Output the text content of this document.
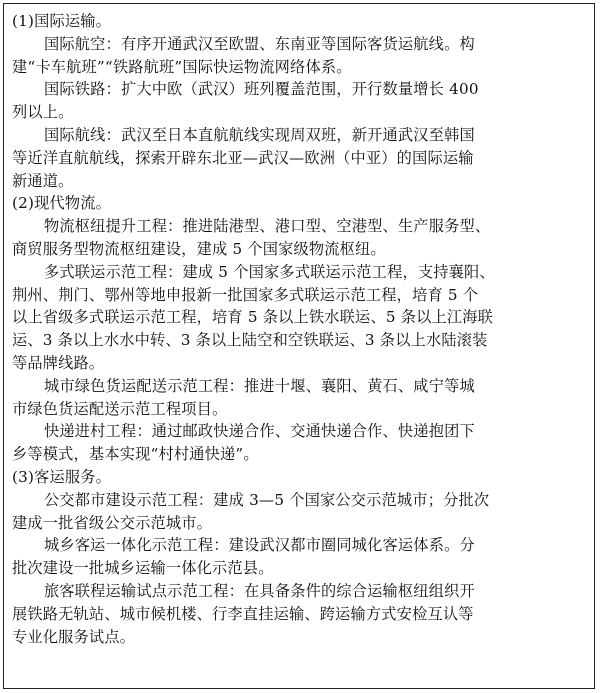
(1)国际运输。
国际航空：有序开通武汉至欧盟、东南亚等国际客货运航线。构
建“卡车航班”“铁路航班”国际快运物流网络体系。
国际铁路：扩大中欧（武汉）班列覆盖范围，开行数量增长 400
列以上。
国际航线：武汉至日本直航航线实现周双班，新开通武汉至韩国
等近洋直航航线，探索开辟东北亚—武汉—欧洲（中亚）的国际运输
新通道。
(2)现代物流。
物流枢纽提升工程：推进陆港型、港口型、空港型、生产服务型、
商贸服务型物流枢纽建设，建成 5 个国家级物流枢纽。
多式联运示范工程：建成 5 个国家多式联运示范工程，支持襄阳、
荆州、荆门、鄂州等地申报新一批国家多式联运示范工程，培育 5 个
以上省级多式联运示范工程，培育 5 条以上铁水联运、5 条以上江海联
运、3 条以上水水中转、3 条以上陆空和空铁联运、3 条以上水陆滚装
等品牌线路。
城市绿色货运配送示范工程：推进十堰、襄阳、黄石、咸宁等城
市绿色货运配送示范工程项目。
快递进村工程：通过邮政快递合作、交通快递合作、快递抱团下
乡等模式，基本实现“村村通快递”。
(3)客运服务。
公交都市建设示范工程：建成 3—5 个国家公交示范城市；分批次
建成一批省级公交示范城市。
城乡客运一体化示范工程：建设武汉都市圈同城化客运体系。分
批次建设一批城乡运输一体化示范县。
旅客联程运输试点示范工程：在具备条件的综合运输枢纽组织开
展铁路无轨站、城市候机楼、行李直挂运输、跨运输方式安检互认等
专业化服务试点。
